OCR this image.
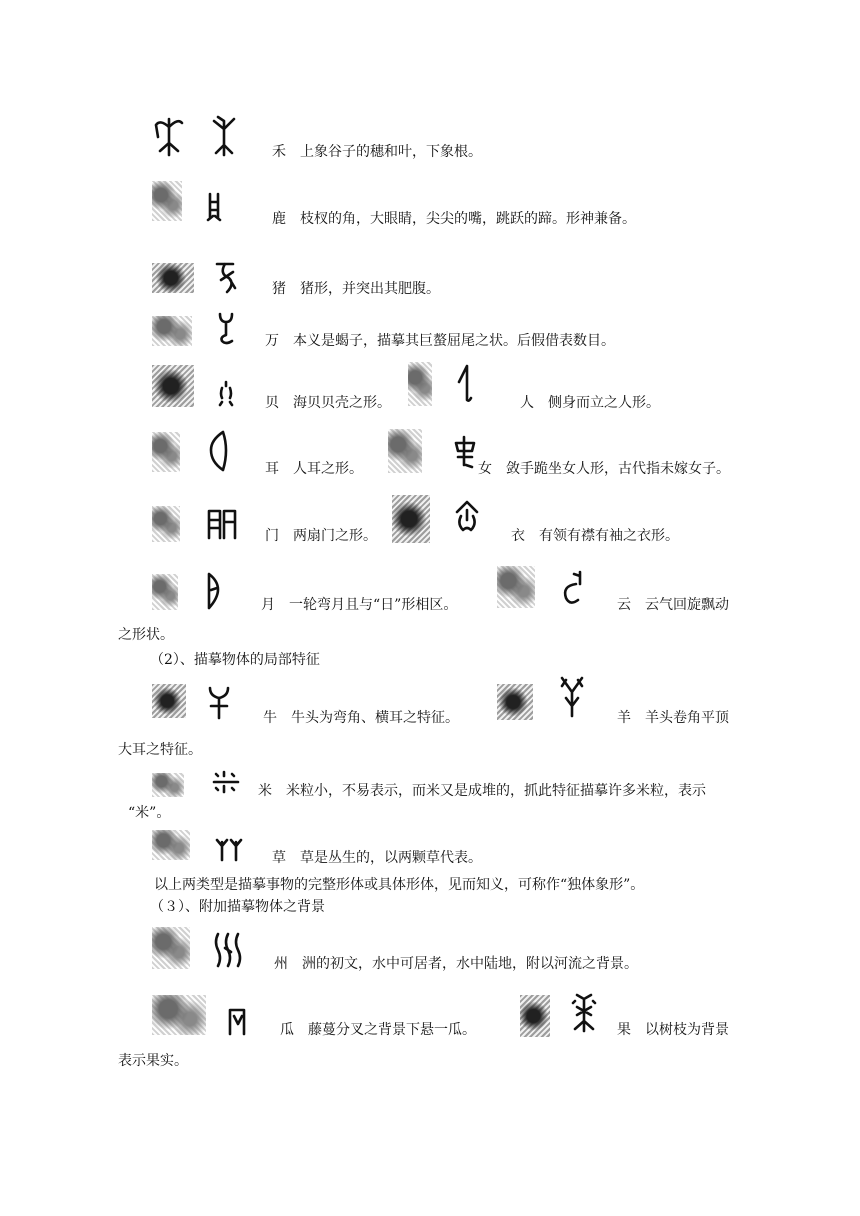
禾　上象谷子的穗和叶，下象根。
鹿　枝杈的角，大眼睛，尖尖的嘴，跳跃的蹄。形神兼备。
猪　猪形，并突出其肥腹。
万　本义是蝎子，描摹其巨螯屈尾之状。后假借表数目。
贝　海贝贝壳之形。	人　侧身而立之人形。
耳　人耳之形。	女　敛手跪坐女人形，古代指未嫁女子。
门　两扇门之形。	衣　有领有襟有袖之衣形。
月　一轮弯月且与“日”形相区。	云　云气回旋飘动
之形状。
（2）、描摹物体的局部特征
牛　牛头为弯角、横耳之特征。	羊　羊头卷角平顶
大耳之特征。
米　米粒小，不易表示，而米又是成堆的，抓此特征描摹许多米粒，表示
“米”。
草　草是丛生的，以两颗草代表。
以上两类型是描摹事物的完整形体或具体形体，见而知义，可称作“独体象形”。
（３）、附加描摹物体之背景
州　洲的初文，水中可居者，水中陆地，附以河流之背景。
瓜　藤蔓分叉之背景下悬一瓜。	果　以树枝为背景
表示果实。
